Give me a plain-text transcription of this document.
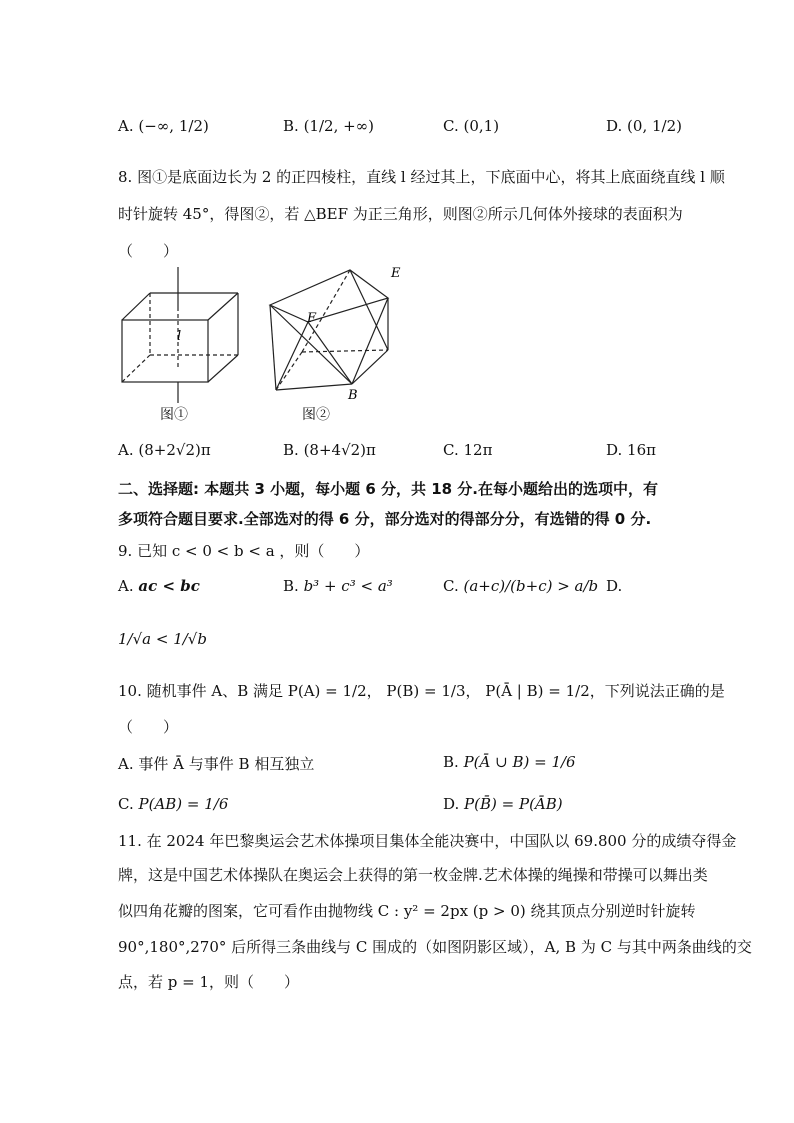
A. (−∞, 1/2)	B. (1/2, +∞)	C. (0,1)	D. (0, 1/2)
8. 图①是底面边长为 2 的正四棱柱，直线 l 经过其上，下底面中心，将其上底面绕直线 l 顺
时针旋转 45°，得图②，若 △BEF 为正三角形，则图②所示几何体外接球的表面积为
（　　）
l
图①
F
E
B
图②
A. (8+2√2)π	B. (8+4√2)π	C. 12π	D. 16π
二、选择题: 本题共 3 小题，每小题 6 分，共 18 分.在每小题给出的选项中，有
多项符合题目要求.全部选对的得 6 分，部分选对的得部分分，有选错的得 0 分.
9. 已知 c < 0 < b < a ，则（　　）
A. ac < bc	B. b³ + c³ < a³	C. (a+c)/(b+c) > a/b D.
1/√a < 1/√b
10. 随机事件 A、B 满足 P(A) = 1/2， P(B) = 1/3， P(Ā | B) = 1/2，下列说法正确的是
（　　）
A. 事件 Ā 与事件 B 相互独立	B. P(Ā ∪ B) = 1/6
C. P(AB) = 1/6	D. P(B̄) = P(ĀB)
11. 在 2024 年巴黎奥运会艺术体操项目集体全能决赛中，中国队以 69.800 分的成绩夺得金
牌，这是中国艺术体操队在奥运会上获得的第一枚金牌.艺术体操的绳操和带操可以舞出类
似四角花瓣的图案，它可看作由抛物线 C : y² = 2px (p > 0) 绕其顶点分别逆时针旋转
90°,180°,270° 后所得三条曲线与 C 围成的（如图阴影区域），A, B 为 C 与其中两条曲线的交
点，若 p = 1，则（　　）
